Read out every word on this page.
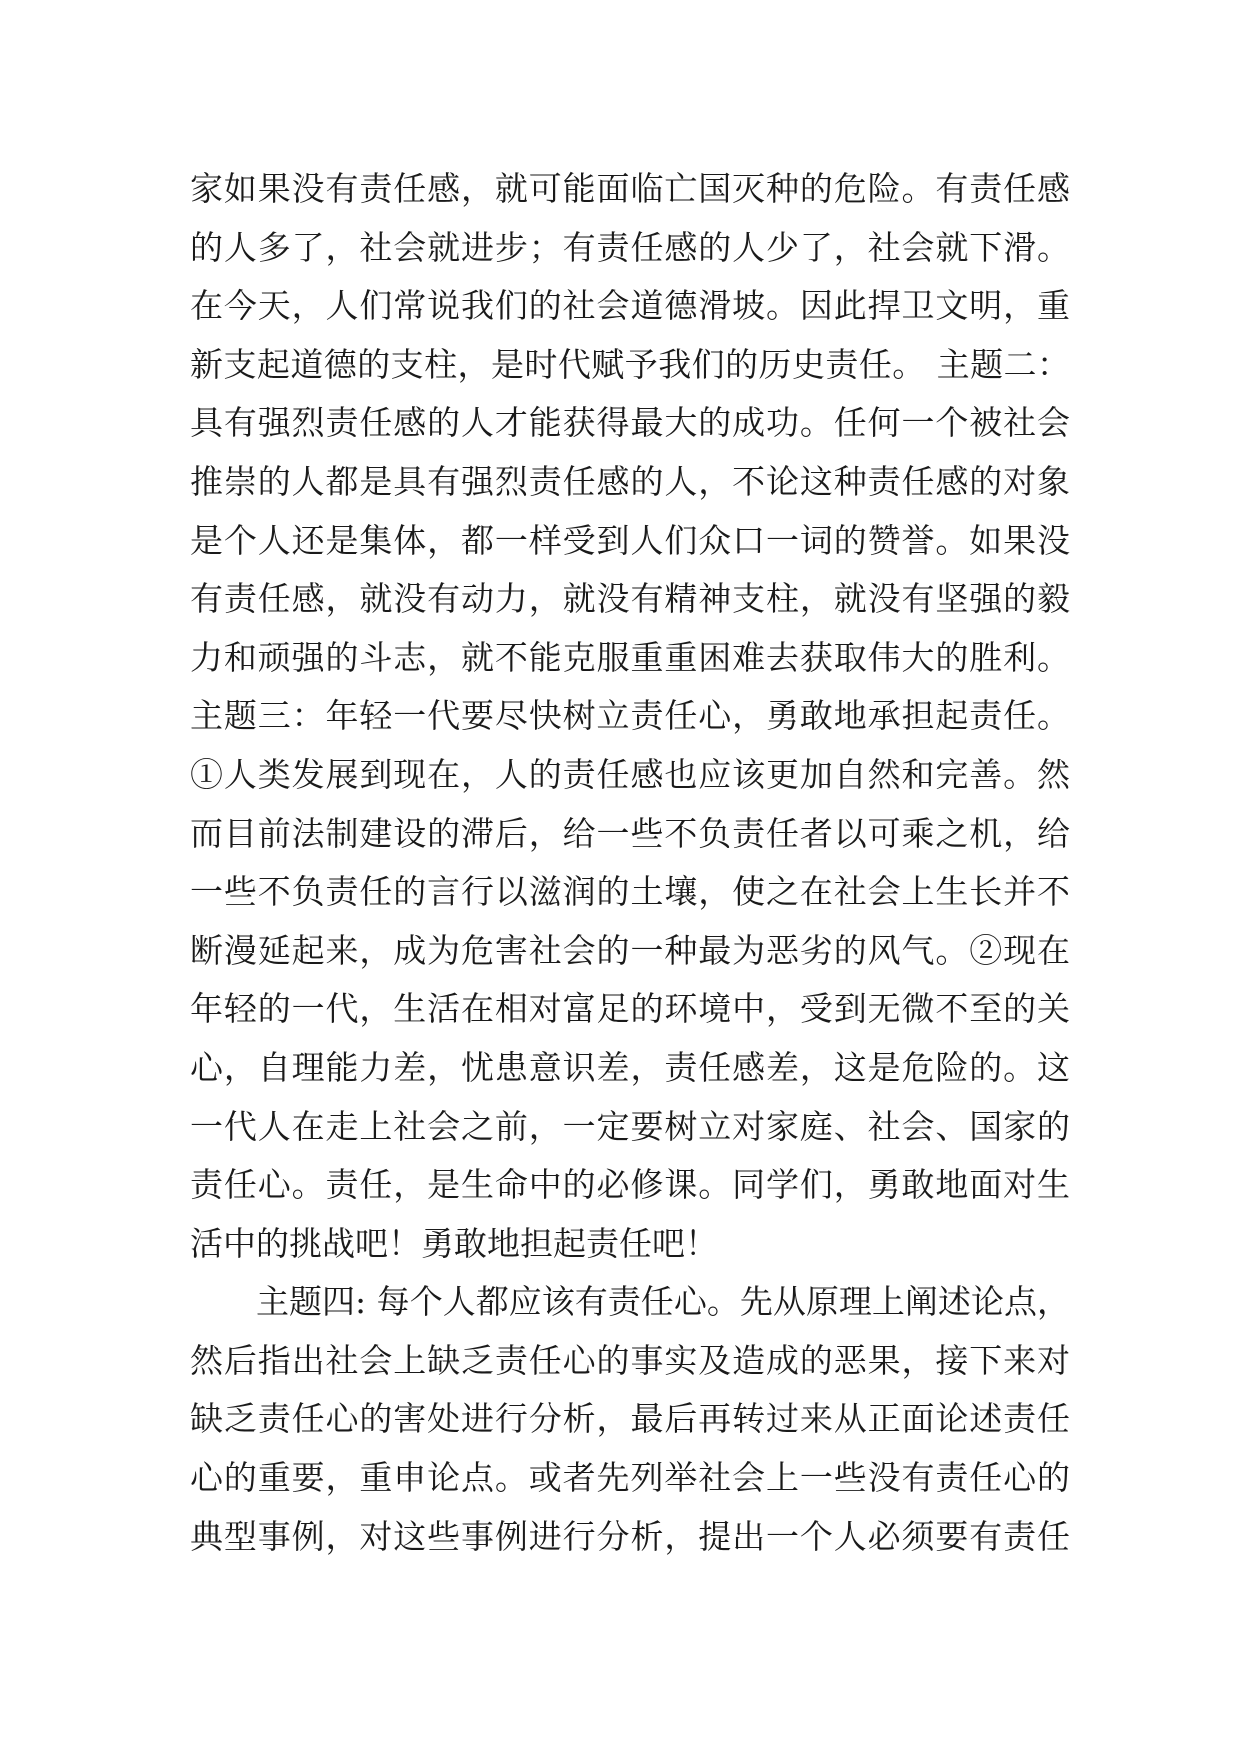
家如果没有责任感，就可能面临亡国灭种的危险。有责任感
的人多了，社会就进步；有责任感的人少了，社会就下滑。
在今天，人们常说我们的社会道德滑坡。因此捍卫文明，重
新支起道德的支柱，是时代赋予我们的历史责任。 主题二：
具有强烈责任感的人才能获得最大的成功。任何一个被社会
推崇的人都是具有强烈责任感的人，不论这种责任感的对象
是个人还是集体，都一样受到人们众口一词的赞誉。如果没
有责任感，就没有动力，就没有精神支柱，就没有坚强的毅
力和顽强的斗志，就不能克服重重困难去获取伟大的胜利。
主题三：年轻一代要尽快树立责任心，勇敢地承担起责任。
①人类发展到现在，人的责任感也应该更加自然和完善。然
而目前法制建设的滞后，给一些不负责任者以可乘之机，给
一些不负责任的言行以滋润的土壤，使之在社会上生长并不
断漫延起来，成为危害社会的一种最为恶劣的风气。②现在
年轻的一代，生活在相对富足的环境中，受到无微不至的关
心，自理能力差，忧患意识差，责任感差，这是危险的。这
一代人在走上社会之前，一定要树立对家庭、社会、国家的
责任心。责任，是生命中的必修课。同学们，勇敢地面对生
活中的挑战吧！勇敢地担起责任吧！
主题四: 每个人都应该有责任心。先从原理上阐述论点，
然后指出社会上缺乏责任心的事实及造成的恶果，接下来对
缺乏责任心的害处进行分析，最后再转过来从正面论述责任
心的重要，重申论点。或者先列举社会上一些没有责任心的
典型事例，对这些事例进行分析，提出一个人必须要有责任
